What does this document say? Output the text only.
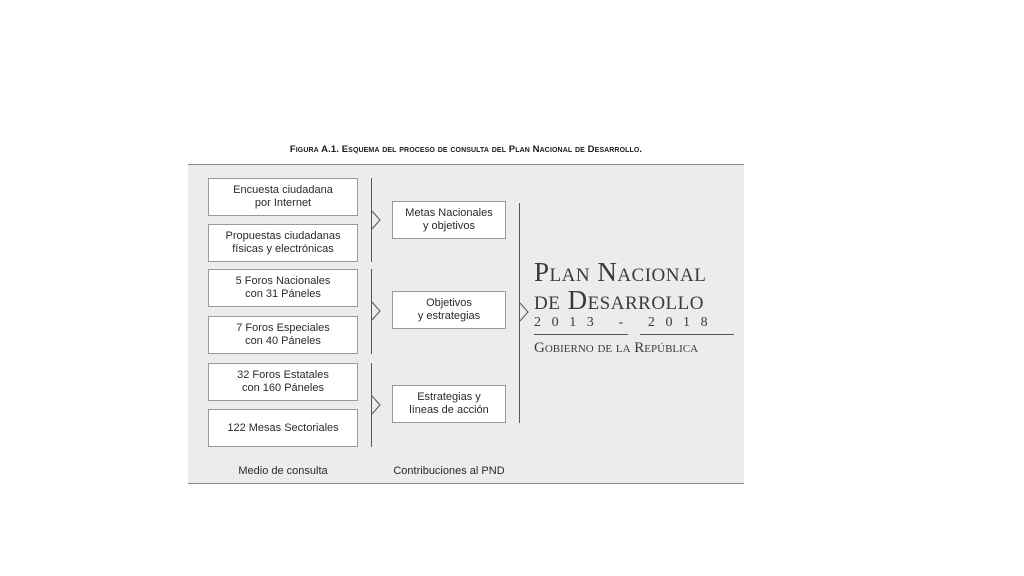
Figura A.1. Esquema del proceso de consulta del Plan Nacional de Desarrollo.
Encuesta ciudadana
por Internet
Propuestas ciudadanas
físicas y electrónicas
5 Foros Nacionales
con 31 Páneles
7 Foros Especiales
con 40 Páneles
32 Foros Estatales
con 160 Páneles
122 Mesas Sectoriales
Metas Nacionales
y objetivos
Objetivos
y estrategias
Estrategias y
líneas de acción
Plan Nacional
de Desarrollo
2013 - 2018
Gobierno de la República
Medio de consulta	Contribuciones al PND
